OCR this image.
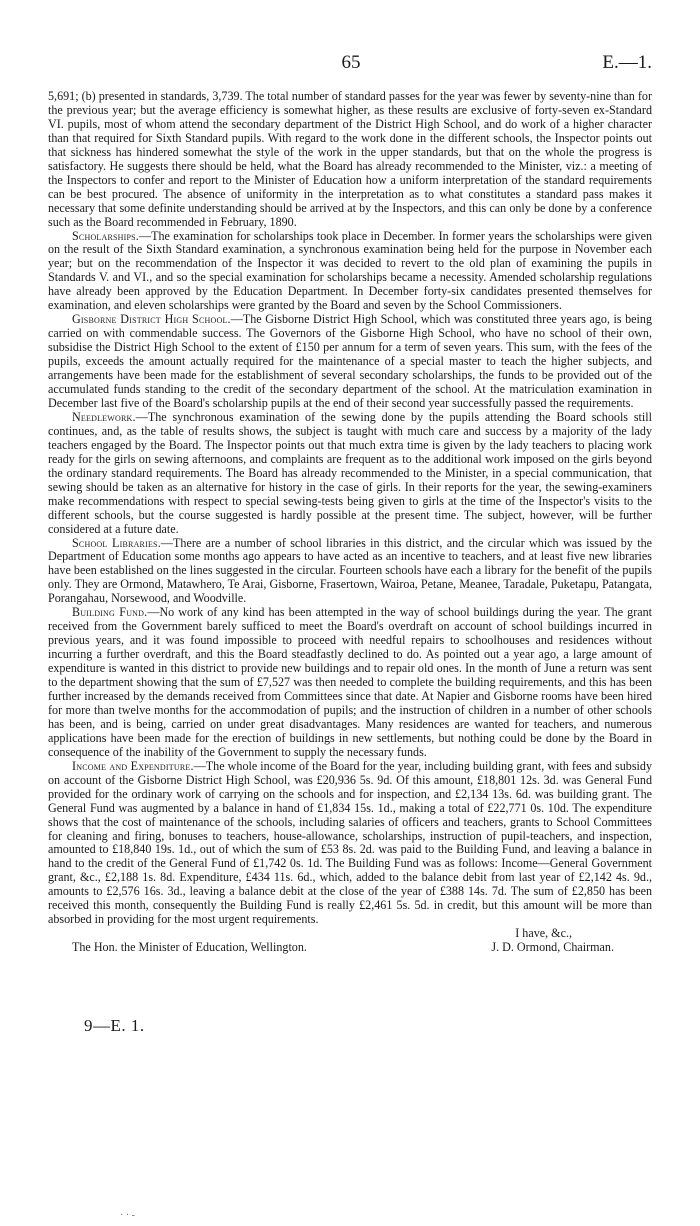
65	E.—1.

5,691; (b) presented in standards, 3,739. The total number of standard passes for the year was fewer by seventy-nine than for the previous year; but the average efficiency is somewhat higher, as these results are exclusive of forty-seven ex-Standard VI. pupils, most of whom attend the secondary department of the District High School, and do work of a higher character than that required for Sixth Standard pupils. With regard to the work done in the different schools, the Inspector points out that sickness has hindered somewhat the style of the work in the upper standards, but that on the whole the progress is satisfactory. He suggests there should be held, what the Board has already recommended to the Minister, viz.: a meeting of the Inspectors to confer and report to the Minister of Education how a uniform interpretation of the standard requirements can be best procured. The absence of uniformity in the interpretation as to what constitutes a standard pass makes it necessary that some definite understanding should be arrived at by the Inspectors, and this can only be done by a conference such as the Board recommended in February, 1890.

Scholarships.—The examination for scholarships took place in December. In former years the scholarships were given on the result of the Sixth Standard examination, a synchronous examination being held for the purpose in November each year; but on the recommendation of the Inspector it was decided to revert to the old plan of examining the pupils in Standards V. and VI., and so the special examination for scholarships became a necessity. Amended scholarship regulations have already been approved by the Education Department. In December forty-six candidates presented themselves for examination, and eleven scholarships were granted by the Board and seven by the School Commissioners.

Gisborne District High School.—The Gisborne District High School, which was constituted three years ago, is being carried on with commendable success. The Governors of the Gisborne High School, who have no school of their own, subsidise the District High School to the extent of £150 per annum for a term of seven years. This sum, with the fees of the pupils, exceeds the amount actually required for the maintenance of a special master to teach the higher subjects, and arrangements have been made for the establishment of several secondary scholarships, the funds to be provided out of the accumulated funds standing to the credit of the secondary department of the school. At the matriculation examination in December last five of the Board's scholarship pupils at the end of their second year successfully passed the requirements.

Needlework.—The synchronous examination of the sewing done by the pupils attending the Board schools still continues, and, as the table of results shows, the subject is taught with much care and success by a majority of the lady teachers engaged by the Board. The Inspector points out that much extra time is given by the lady teachers to placing work ready for the girls on sewing afternoons, and complaints are frequent as to the additional work imposed on the girls beyond the ordinary standard requirements. The Board has already recommended to the Minister, in a special communication, that sewing should be taken as an alternative for history in the case of girls. In their reports for the year, the sewing-examiners make recommendations with respect to special sewing-tests being given to girls at the time of the Inspector's visits to the different schools, but the course suggested is hardly possible at the present time. The subject, however, will be further considered at a future date.

School Libraries.—There are a number of school libraries in this district, and the circular which was issued by the Department of Education some months ago appears to have acted as an incentive to teachers, and at least five new libraries have been established on the lines suggested in the circular. Fourteen schools have each a library for the benefit of the pupils only. They are Ormond, Matawhero, Te Arai, Gisborne, Frasertown, Wairoa, Petane, Meanee, Taradale, Puketapu, Patangata, Porangahau, Norsewood, and Woodville.

Building Fund.—No work of any kind has been attempted in the way of school buildings during the year. The grant received from the Government barely sufficed to meet the Board's overdraft on account of school buildings incurred in previous years, and it was found impossible to proceed with needful repairs to schoolhouses and residences without incurring a further overdraft, and this the Board steadfastly declined to do. As pointed out a year ago, a large amount of expenditure is wanted in this district to provide new buildings and to repair old ones. In the month of June a return was sent to the department showing that the sum of £7,527 was then needed to complete the building requirements, and this has been further increased by the demands received from Committees since that date. At Napier and Gisborne rooms have been hired for more than twelve months for the accommodation of pupils; and the instruction of children in a number of other schools has been, and is being, carried on under great disadvantages. Many residences are wanted for teachers, and numerous applications have been made for the erection of buildings in new settlements, but nothing could be done by the Board in consequence of the inability of the Government to supply the necessary funds.

Income and Expenditure.—The whole income of the Board for the year, including building grant, with fees and subsidy on account of the Gisborne District High School, was £20,936 5s. 9d. Of this amount, £18,801 12s. 3d. was General Fund provided for the ordinary work of carrying on the schools and for inspection, and £2,134 13s. 6d. was building grant. The General Fund was augmented by a balance in hand of £1,834 15s. 1d., making a total of £22,771 0s. 10d. The expenditure shows that the cost of maintenance of the schools, including salaries of officers and teachers, grants to School Committees for cleaning and firing, bonuses to teachers, house-allowance, scholarships, instruction of pupil-teachers, and inspection, amounted to £18,840 19s. 1d., out of which the sum of £53 8s. 2d. was paid to the Building Fund, and leaving a balance in hand to the credit of the General Fund of £1,742 0s. 1d. The Building Fund was as follows: Income—General Government grant, &c., £2,188 1s. 8d. Expenditure, £434 11s. 6d., which, added to the balance debit from last year of £2,142 4s. 9d., amounts to £2,576 16s. 3d., leaving a balance debit at the close of the year of £388 14s. 7d. The sum of £2,850 has been received this month, consequently the Building Fund is really £2,461 5s. 5d. in credit, but this amount will be more than absorbed in providing for the most urgent requirements.

I have, &c.,
The Hon. the Minister of Education, Wellington.	J. D. Ormond, Chairman.
9—E. 1.
· · -
